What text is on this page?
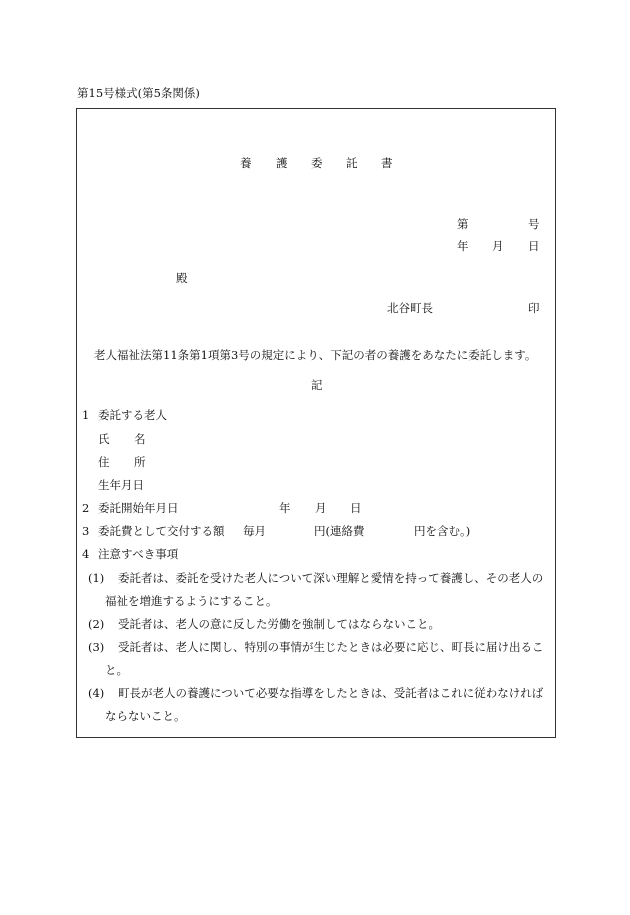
第15号様式(第5条関係)
養 護 委 託 書
第	号
年 月 日
殿
北谷町長	印
老人福祉法第11条第1項第3号の規定により、下記の者の養護をあなたに委託します。
記
1 委託する老人
氏 名
住 所
生年月日
2 委託開始年月日	年 月 日
3 委託費として交付する額 毎月	円(連絡費	円を含む。)
4 注意すべき事項
(1) 委託者は、委託を受けた老人について深い理解と愛情を持って養護し、その老人の
福祉を増進するようにすること。
(2) 受託者は、老人の意に反した労働を強制してはならないこと。
(3) 受託者は、老人に関し、特別の事情が生じたときは必要に応じ、町長に届け出るこ
と。
(4) 町長が老人の養護について必要な指導をしたときは、受託者はこれに従わなければ
ならないこと。
